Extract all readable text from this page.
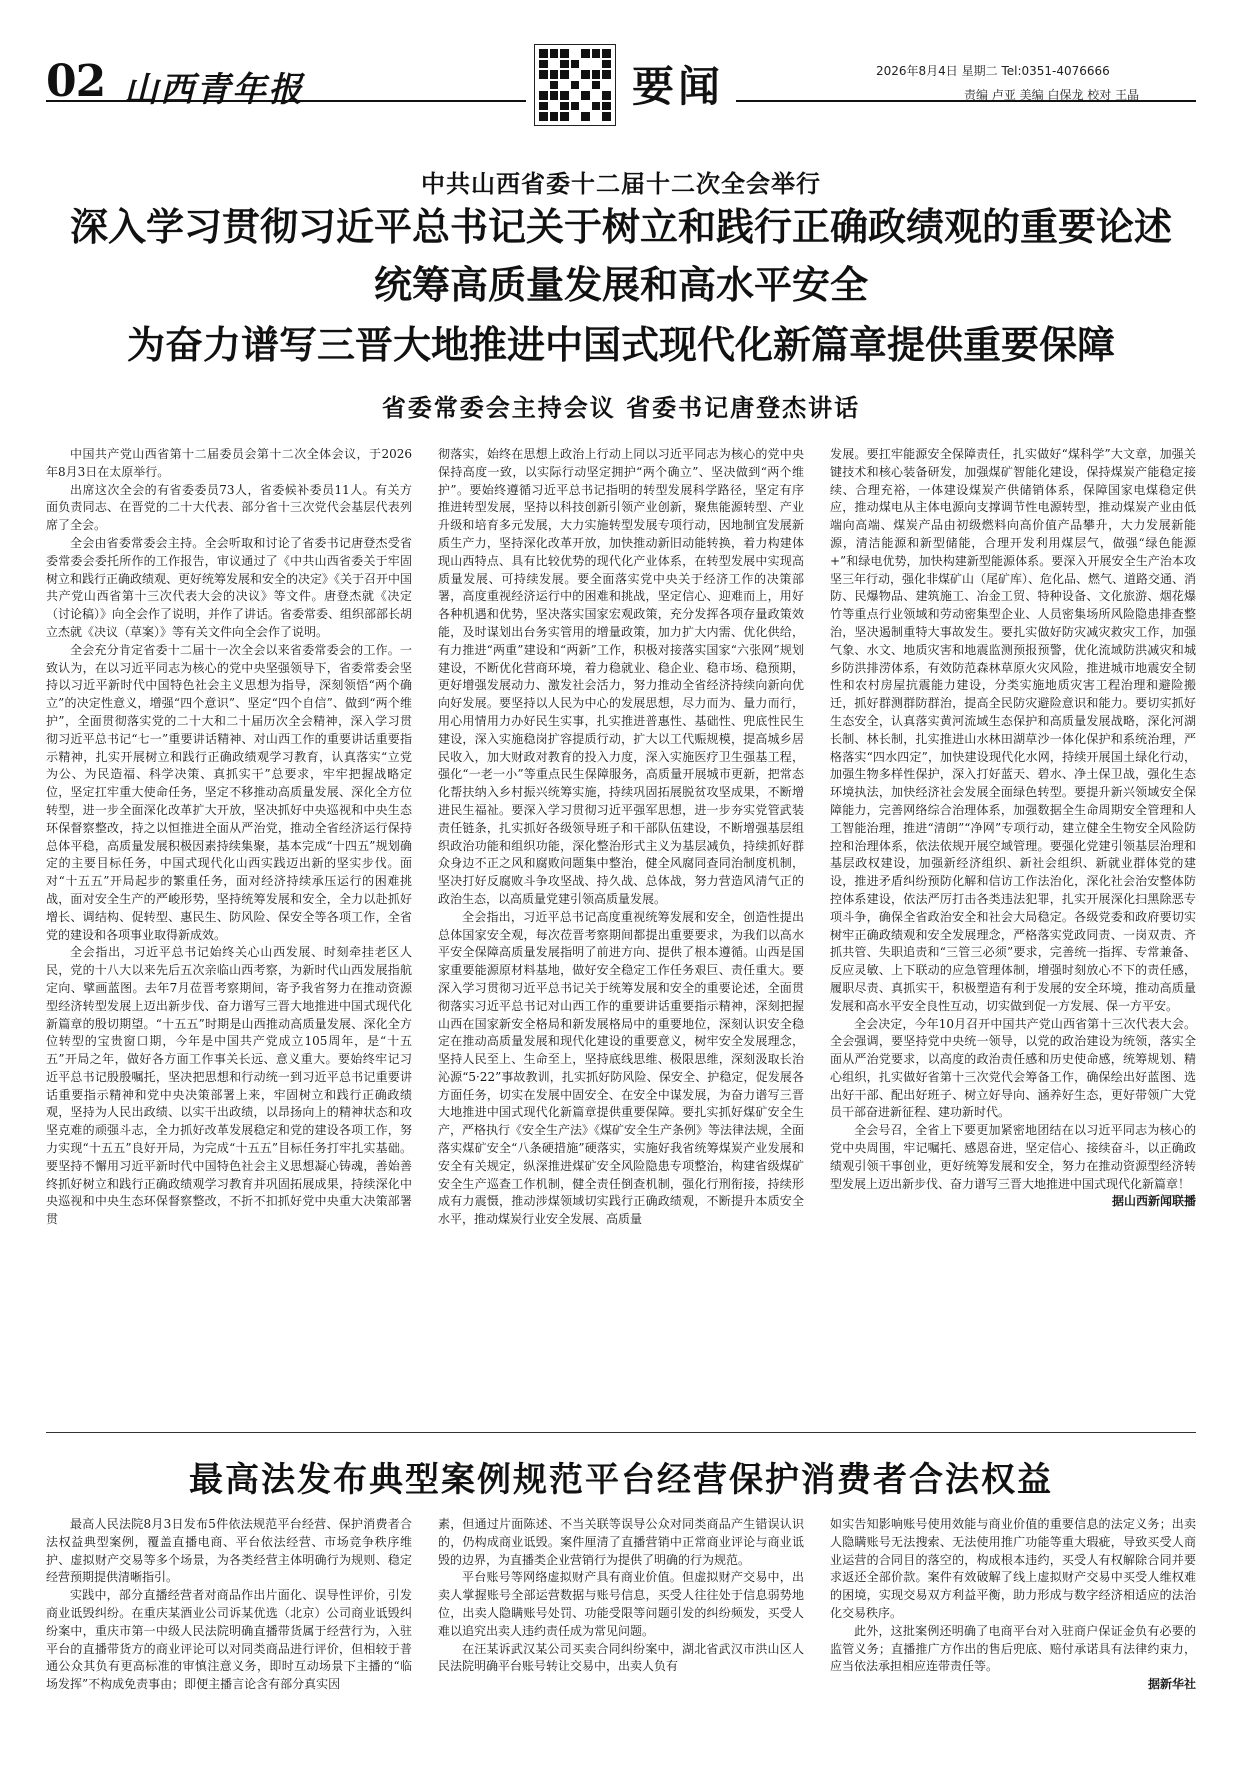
02 山西青年报	要闻	2026年8月4日 星期二 Tel:0351-4076666
责编 卢亚 美编 白保龙 校对 王晶
中共山西省委十二届十二次全会举行
深入学习贯彻习近平总书记关于树立和践行正确政绩观的重要论述
统筹高质量发展和高水平安全
为奋力谱写三晋大地推进中国式现代化新篇章提供重要保障
省委常委会主持会议 省委书记唐登杰讲话

中国共产党山西省第十二届委员会第十二次全体会议，于2026年8月3日在太原举行。

出席这次全会的有省委委员73人，省委候补委员11人。有关方面负责同志、在晋党的二十大代表、部分省十三次党代会基层代表列席了全会。

全会由省委常委会主持。全会听取和讨论了省委书记唐登杰受省委常委会委托所作的工作报告，审议通过了《中共山西省委关于牢固树立和践行正确政绩观、更好统筹发展和安全的决定》《关于召开中国共产党山西省第十三次代表大会的决议》等文件。唐登杰就《决定（讨论稿）》向全会作了说明，并作了讲话。省委常委、组织部部长胡立杰就《决议（草案）》等有关文件向全会作了说明。

全会充分肯定省委十二届十一次全会以来省委常委会的工作。一致认为，在以习近平同志为核心的党中央坚强领导下，省委常委会坚持以习近平新时代中国特色社会主义思想为指导，深刻领悟“两个确立”的决定性意义，增强“四个意识”、坚定“四个自信”、做到“两个维护”，全面贯彻落实党的二十大和二十届历次全会精神，深入学习贯彻习近平总书记“七一”重要讲话精神、对山西工作的重要讲话重要指示精神，扎实开展树立和践行正确政绩观学习教育，认真落实“立党为公、为民造福、科学决策、真抓实干”总要求，牢牢把握战略定位，坚定扛牢重大使命任务，坚定不移推动高质量发展、深化全方位转型，进一步全面深化改革扩大开放，坚决抓好中央巡视和中央生态环保督察整改，持之以恒推进全面从严治党，推动全省经济运行保持总体平稳，高质量发展积极因素持续集聚，基本完成“十四五”规划确定的主要目标任务，中国式现代化山西实践迈出新的坚实步伐。面对“十五五”开局起步的繁重任务，面对经济持续承压运行的困难挑战，面对安全生产的严峻形势，坚持统筹发展和安全，全力以赴抓好增长、调结构、促转型、惠民生、防风险、保安全等各项工作，全省党的建设和各项事业取得新成效。

全会指出，习近平总书记始终关心山西发展、时刻牵挂老区人民，党的十八大以来先后五次亲临山西考察，为新时代山西发展指航定向、擘画蓝图。去年7月莅晋考察期间，寄予我省努力在推动资源型经济转型发展上迈出新步伐、奋力谱写三晋大地推进中国式现代化新篇章的殷切期望。“十五五”时期是山西推动高质量发展、深化全方位转型的宝贵窗口期，今年是中国共产党成立105周年，是“十五五”开局之年，做好各方面工作事关长远、意义重大。要始终牢记习近平总书记殷殷嘱托，坚决把思想和行动统一到习近平总书记重要讲话重要指示精神和党中央决策部署上来，牢固树立和践行正确政绩观，坚持为人民出政绩、以实干出政绩，以昂扬向上的精神状态和攻坚克难的顽强斗志，全力抓好改革发展稳定和党的建设各项工作，努力实现“十五五”良好开局，为完成“十五五”目标任务打牢扎实基础。要坚持不懈用习近平新时代中国特色社会主义思想凝心铸魂，善始善终抓好树立和践行正确政绩观学习教育并巩固拓展成果，持续深化中央巡视和中央生态环保督察整改，不折不扣抓好党中央重大决策部署贯

彻落实，始终在思想上政治上行动上同以习近平同志为核心的党中央保持高度一致，以实际行动坚定拥护“两个确立”、坚决做到“两个维护”。要始终遵循习近平总书记指明的转型发展科学路径，坚定有序推进转型发展，坚持以科技创新引领产业创新，聚焦能源转型、产业升级和培育多元发展，大力实施转型发展专项行动，因地制宜发展新质生产力，坚持深化改革开放，加快推动新旧动能转换，着力构建体现山西特点、具有比较优势的现代化产业体系，在转型发展中实现高质量发展、可持续发展。要全面落实党中央关于经济工作的决策部署，高度重视经济运行中的困难和挑战，坚定信心、迎难而上，用好各种机遇和优势，坚决落实国家宏观政策，充分发挥各项存量政策效能，及时谋划出台务实管用的增量政策，加力扩大内需、优化供给，有力推进“两重”建设和“两新”工作，积极对接落实国家“六张网”规划建设，不断优化营商环境，着力稳就业、稳企业、稳市场、稳预期，更好增强发展动力、激发社会活力，努力推动全省经济持续向新向优向好发展。要坚持以人民为中心的发展思想，尽力而为、量力而行，用心用情用力办好民生实事，扎实推进普惠性、基础性、兜底性民生建设，深入实施稳岗扩容提质行动，扩大以工代赈规模，提高城乡居民收入，加大财政对教育的投入力度，深入实施医疗卫生强基工程，强化“一老一小”等重点民生保障服务，高质量开展城市更新，把常态化帮扶纳入乡村振兴统筹实施，持续巩固拓展脱贫攻坚成果，不断增进民生福祉。要深入学习贯彻习近平强军思想，进一步夯实党管武装责任链条，扎实抓好各级领导班子和干部队伍建设，不断增强基层组织政治功能和组织功能，深化整治形式主义为基层减负，持续抓好群众身边不正之风和腐败问题集中整治，健全风腐同查同治制度机制，坚决打好反腐败斗争攻坚战、持久战、总体战，努力营造风清气正的政治生态，以高质量党建引领高质量发展。

全会指出，习近平总书记高度重视统筹发展和安全，创造性提出总体国家安全观，每次莅晋考察期间都提出重要要求，为我们以高水平安全保障高质量发展指明了前进方向、提供了根本遵循。山西是国家重要能源原材料基地，做好安全稳定工作任务艰巨、责任重大。要深入学习贯彻习近平总书记关于统筹发展和安全的重要论述，全面贯彻落实习近平总书记对山西工作的重要讲话重要指示精神，深刻把握山西在国家新安全格局和新发展格局中的重要地位，深刻认识安全稳定在推动高质量发展和现代化建设的重要意义，树牢安全发展理念，坚持人民至上、生命至上，坚持底线思维、极限思维，深刻汲取长治沁源“5·22”事故教训，扎实抓好防风险、保安全、护稳定，促发展各方面任务，切实在发展中固安全、在安全中谋发展，为奋力谱写三晋大地推进中国式现代化新篇章提供重要保障。要扎实抓好煤矿安全生产，严格执行《安全生产法》《煤矿安全生产条例》等法律法规，全面落实煤矿安全“八条硬措施”硬落实，实施好我省统筹煤炭产业发展和安全有关规定，纵深推进煤矿安全风险隐患专项整治，构建省级煤矿安全生产巡查工作机制，健全责任倒查机制，强化行刑衔接，持续形成有力震慑，推动涉煤领域切实践行正确政绩观，不断提升本质安全水平，推动煤炭行业安全发展、高质量

发展。要扛牢能源安全保障责任，扎实做好“煤科学”大文章，加强关键技术和核心装备研发，加强煤矿智能化建设，保持煤炭产能稳定接续、合理充裕，一体建设煤炭产供储销体系，保障国家电煤稳定供应，推动煤电从主体电源向支撑调节性电源转型，推动煤炭产业由低端向高端、煤炭产品由初级燃料向高价值产品攀升，大力发展新能源，清洁能源和新型储能，合理开发利用煤层气，做强“绿色能源+”和绿电优势，加快构建新型能源体系。要深入开展安全生产治本攻坚三年行动，强化非煤矿山（尾矿库）、危化品、燃气、道路交通、消防、民爆物品、建筑施工、冶金工贸、特种设备、文化旅游、烟花爆竹等重点行业领域和劳动密集型企业、人员密集场所风险隐患排查整治，坚决遏制重特大事故发生。要扎实做好防灾减灾救灾工作，加强气象、水文、地质灾害和地震监测预报预警，优化流域防洪减灾和城乡防洪排涝体系，有效防范森林草原火灾风险，推进城市地震安全韧性和农村房屋抗震能力建设，分类实施地质灾害工程治理和避险搬迁，抓好群测群防群治，提高全民防灾避险意识和能力。要切实抓好生态安全，认真落实黄河流域生态保护和高质量发展战略，深化河湖长制、林长制，扎实推进山水林田湖草沙一体化保护和系统治理，严格落实“四水四定”，加快建设现代化水网，持续开展国土绿化行动，加强生物多样性保护，深入打好蓝天、碧水、净土保卫战，强化生态环境执法，加快经济社会发展全面绿色转型。要提升新兴领域安全保障能力，完善网络综合治理体系，加强数据全生命周期安全管理和人工智能治理，推进“清朗”“净网”专项行动，建立健全生物安全风险防控和治理体系，依法依规开展空域管理。要强化党建引领基层治理和基层政权建设，加强新经济组织、新社会组织、新就业群体党的建设，推进矛盾纠纷预防化解和信访工作法治化，深化社会治安整体防控体系建设，依法严厉打击各类违法犯罪，扎实开展深化扫黑除恶专项斗争，确保全省政治安全和社会大局稳定。各级党委和政府要切实树牢正确政绩观和安全发展理念，严格落实党政同责、一岗双责、齐抓共管、失职追责和“三管三必须”要求，完善统一指挥、专常兼备、反应灵敏、上下联动的应急管理体制，增强时刻放心不下的责任感，履职尽责、真抓实干，积极塑造有利于发展的安全环境，推动高质量发展和高水平安全良性互动，切实做到促一方发展、保一方平安。

全会决定，今年10月召开中国共产党山西省第十三次代表大会。全会强调，要坚持党中央统一领导，以党的政治建设为统领，落实全面从严治党要求，以高度的政治责任感和历史使命感，统筹规划、精心组织，扎实做好省第十三次党代会筹备工作，确保绘出好蓝图、选出好干部、配出好班子、树立好导向、涵养好生态，更好带领广大党员干部奋进新征程、建功新时代。

全会号召，全省上下要更加紧密地团结在以习近平同志为核心的党中央周围，牢记嘱托、感恩奋进，坚定信心、接续奋斗，以正确政绩观引领干事创业，更好统筹发展和安全，努力在推动资源型经济转型发展上迈出新步伐、奋力谱写三晋大地推进中国式现代化新篇章！

据山西新闻联播
最高法发布典型案例规范平台经营保护消费者合法权益

最高人民法院8月3日发布5件依法规范平台经营、保护消费者合法权益典型案例，覆盖直播电商、平台依法经营、市场竞争秩序维护、虚拟财产交易等多个场景，为各类经营主体明确行为规则、稳定经营预期提供清晰指引。

实践中，部分直播经营者对商品作出片面化、误导性评价，引发商业诋毁纠纷。在重庆某酒业公司诉某优选（北京）公司商业诋毁纠纷案中，重庆市第一中级人民法院明确直播带货属于经营行为，入驻平台的直播带货方的商业评论可以对同类商品进行评价，但相较于普通公众其负有更高标准的审慎注意义务，即时互动场景下主播的“临场发挥”不构成免责事由；即便主播言论含有部分真实因

素，但通过片面陈述、不当关联等误导公众对同类商品产生错误认识的，仍构成商业诋毁。案件厘清了直播营销中正常商业评论与商业诋毁的边界，为直播类企业营销行为提供了明确的行为规范。

平台账号等网络虚拟财产具有商业价值。但虚拟财产交易中，出卖人掌握账号全部运营数据与账号信息，买受人往往处于信息弱势地位，出卖人隐瞒账号处罚、功能受限等问题引发的纠纷频发，买受人难以追究出卖人违约责任成为常见问题。

在汪某诉武汉某公司买卖合同纠纷案中，湖北省武汉市洪山区人民法院明确平台账号转让交易中，出卖人负有

如实告知影响账号使用效能与商业价值的重要信息的法定义务；出卖人隐瞒账号无法搜索、无法使用推广功能等重大瑕疵，导致买受人商业运营的合同目的落空的，构成根本违约，买受人有权解除合同并要求返还全部价款。案件有效破解了线上虚拟财产交易中买受人维权难的困境，实现交易双方利益平衡，助力形成与数字经济相适应的法治化交易秩序。

此外，这批案例还明确了电商平台对入驻商户保证金负有必要的监管义务；直播推广方作出的售后兜底、赔付承诺具有法律约束力，应当依法承担相应连带责任等。

据新华社
